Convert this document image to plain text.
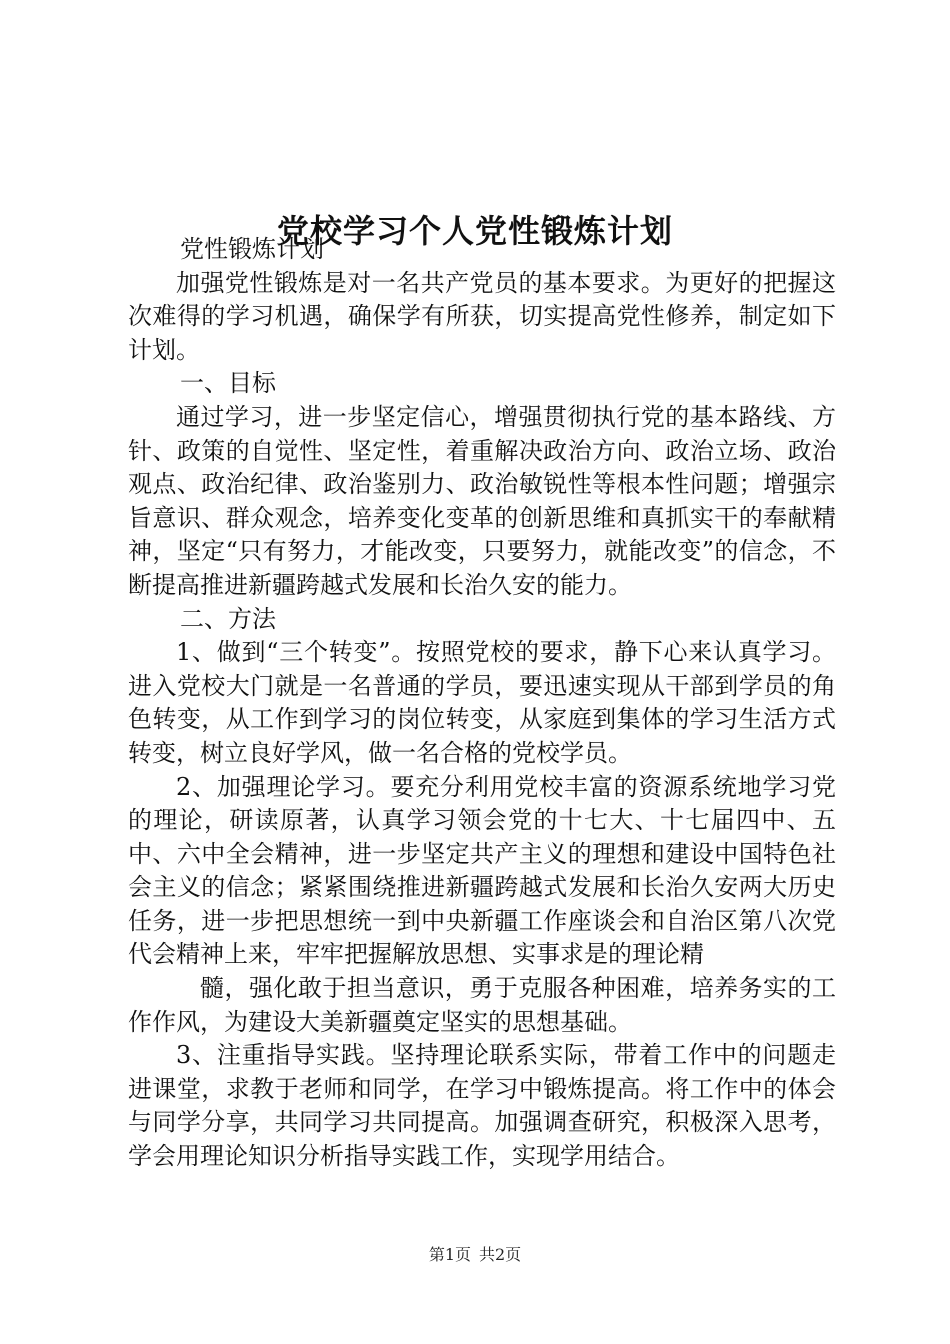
党校学习个人党性锻炼计划

党性锻炼计划

加强党性锻炼是对一名共产党员的基本要求。为更好的把握这次难得的学习机遇，确保学有所获，切实提高党性修养，制定如下计划。

一、目标

通过学习，进一步坚定信心，增强贯彻执行党的基本路线、方针、政策的自觉性、坚定性，着重解决政治方向、政治立场、政治观点、政治纪律、政治鉴别力、政治敏锐性等根本性问题；增强宗旨意识、群众观念，培养变化变革的创新思维和真抓实干的奉献精神，坚定“只有努力，才能改变，只要努力，就能改变”的信念，不断提高推进新疆跨越式发展和长治久安的能力。

二、方法

1、做到“三个转变”。按照党校的要求，静下心来认真学习。进入党校大门就是一名普通的学员，要迅速实现从干部到学员的角色转变，从工作到学习的岗位转变，从家庭到集体的学习生活方式转变，树立良好学风，做一名合格的党校学员。

2、加强理论学习。要充分利用党校丰富的资源系统地学习党的理论，研读原著，认真学习领会党的十七大、十七届四中、五中、六中全会精神，进一步坚定共产主义的理想和建设中国特色社会主义的信念；紧紧围绕推进新疆跨越式发展和长治久安两大历史任务，进一步把思想统一到中央新疆工作座谈会和自治区第八次党代会精神上来，牢牢把握解放思想、实事求是的理论精

髓，强化敢于担当意识，勇于克服各种困难，培养务实的工作作风，为建设大美新疆奠定坚实的思想基础。

3、注重指导实践。坚持理论联系实际，带着工作中的问题走进课堂，求教于老师和同学，在学习中锻炼提高。将工作中的体会与同学分享，共同学习共同提高。加强调查研究，积极深入思考，学会用理论知识分析指导实践工作，实现学用结合。

第1页 共2页
